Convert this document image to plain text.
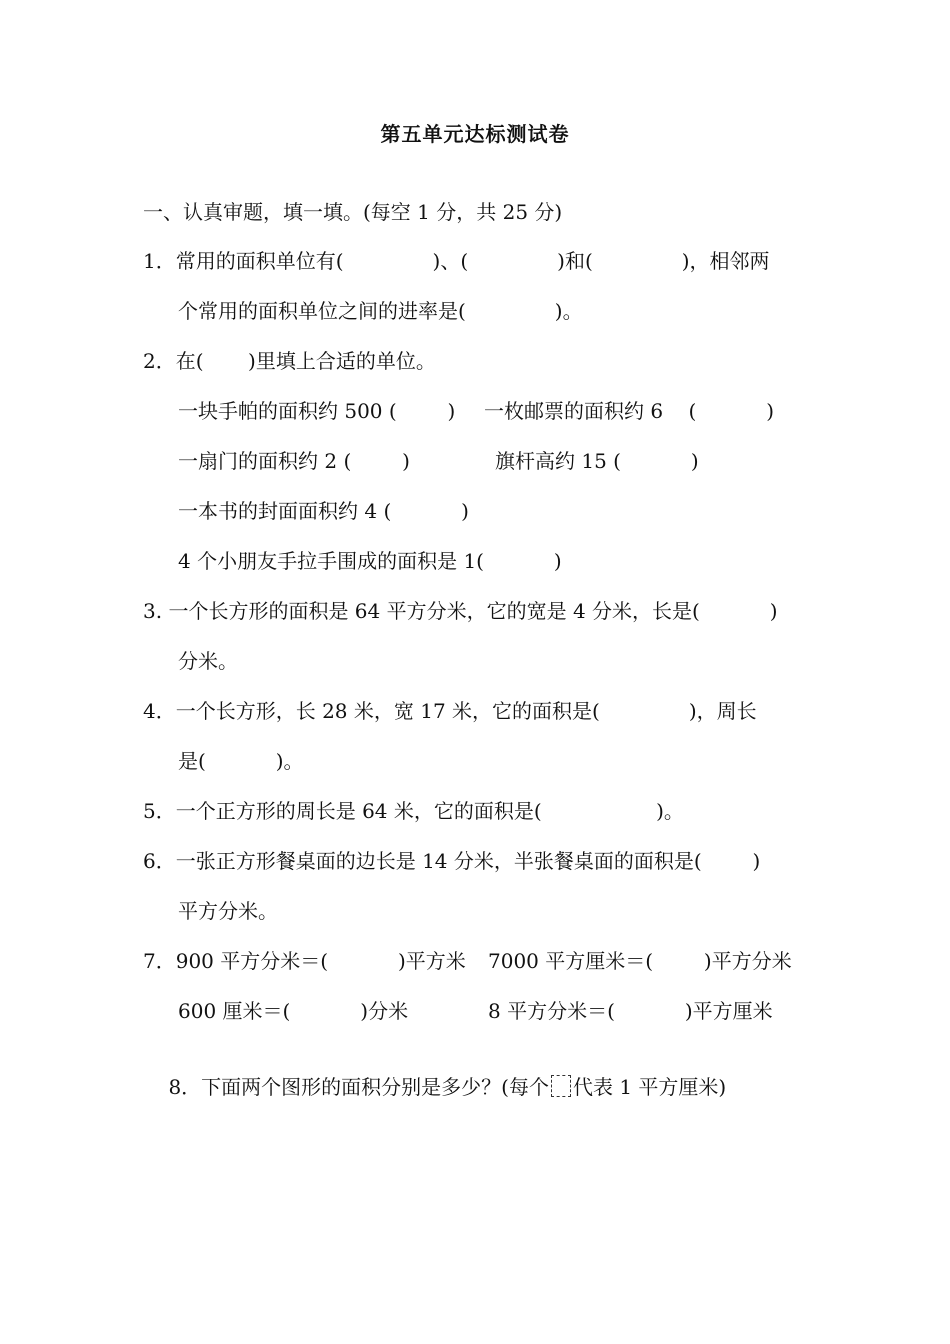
第五单元达标测试卷
一、认真审题，填一填。(每空 1 分，共 25 分)
1．常用的面积单位有(              )、(              )和(              )，相邻两
个常用的面积单位之间的进率是(              )。
2．在(       )里填上合适的单位。
一块手帕的面积约 500 (        ) 一枚邮票的面积约 6    (           )
一扇门的面积约 2 (        )	旗杆高约 15 (           )
一本书的封面面积约 4 (           )
4 个小朋友手拉手围成的面积是 1(           )
3. 一个长方形的面积是 64 平方分米，它的宽是 4 分米，长是(           )
分米。
4．一个长方形，长 28 米，宽 17 米，它的面积是(              )，周长
是(           )。
5．一个正方形的周长是 64 米，它的面积是(                  )。
6．一张正方形餐桌面的边长是 14 分米，半张餐桌面的面积是(        )
平方分米。
7．900 平方分米＝(           )平方米 7000 平方厘米＝(        )平方分米
600 厘米＝(           )分米	8 平方分米＝(           )平方厘米

8．下面两个图形的面积分别是多少？(每个 代表 1 平方厘米)
